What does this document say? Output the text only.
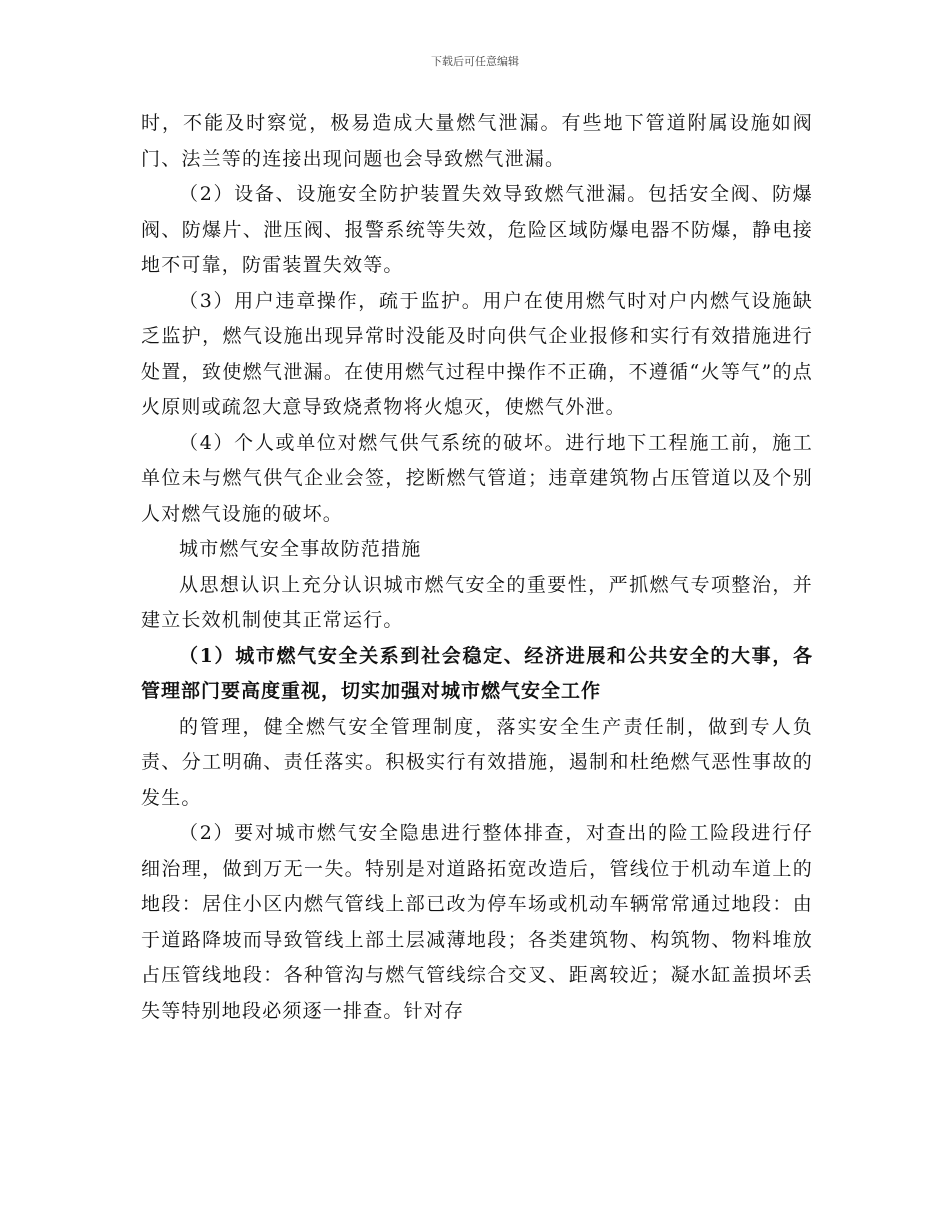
下载后可任意编辑

时，不能及时察觉，极易造成大量燃气泄漏。有些地下管道附属设施如阀门、法兰等的连接出现问题也会导致燃气泄漏。

（2）设备、设施安全防护装置失效导致燃气泄漏。包括安全阀、防爆阀、防爆片、泄压阀、报警系统等失效，危险区域防爆电器不防爆，静电接地不可靠，防雷装置失效等。

（3）用户违章操作，疏于监护。用户在使用燃气时对户内燃气设施缺乏监护，燃气设施出现异常时没能及时向供气企业报修和实行有效措施进行处置，致使燃气泄漏。在使用燃气过程中操作不正确，不遵循“火等气”的点火原则或疏忽大意导致烧煮物将火熄灭，使燃气外泄。

（4）个人或单位对燃气供气系统的破坏。进行地下工程施工前，施工单位未与燃气供气企业会签，挖断燃气管道；违章建筑物占压管道以及个别人对燃气设施的破坏。

城市燃气安全事故防范措施

从思想认识上充分认识城市燃气安全的重要性，严抓燃气专项整治，并建立长效机制使其正常运行。

（1）城市燃气安全关系到社会稳定、经济进展和公共安全的大事，各管理部门要高度重视，切实加强对城市燃气安全工作

的管理，健全燃气安全管理制度，落实安全生产责任制，做到专人负责、分工明确、责任落实。积极实行有效措施，遏制和杜绝燃气恶性事故的发生。

（2）要对城市燃气安全隐患进行整体排查，对查出的险工险段进行仔细治理，做到万无一失。特别是对道路拓宽改造后，管线位于机动车道上的地段：居住小区内燃气管线上部已改为停车场或机动车辆常常通过地段：由于道路降坡而导致管线上部土层减薄地段；各类建筑物、构筑物、物料堆放占压管线地段：各种管沟与燃气管线综合交叉、距离较近；凝水缸盖损坏丢失等特别地段必须逐一排查。针对存
